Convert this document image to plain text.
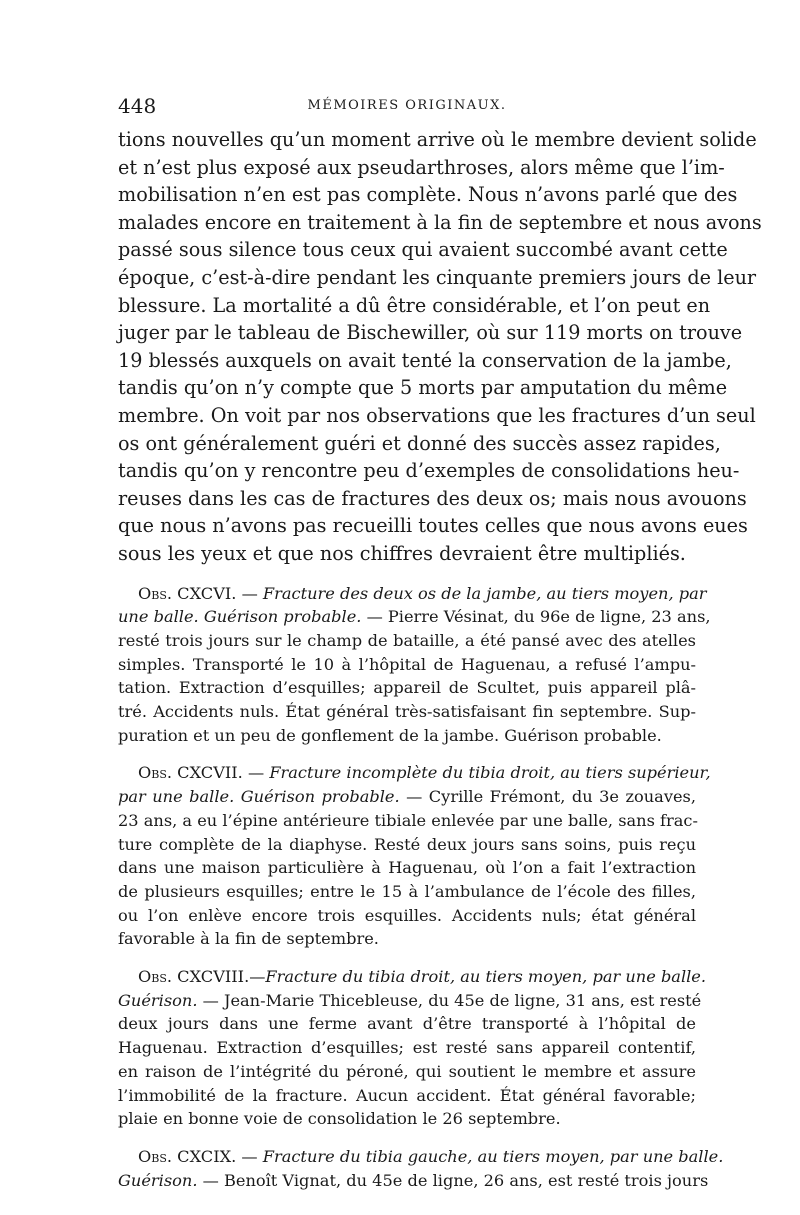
448	MÉMOIRES ORIGINAUX.
tions nouvelles qu’un moment arrive où le membre devient solide
et n’est plus exposé aux pseudarthroses, alors même que l’im-
mobilisation n’en est pas complète. Nous n’avons parlé que des
malades encore en traitement à la fin de septembre et nous avons
passé sous silence tous ceux qui avaient succombé avant cette
époque, c’est-à-dire pendant les cinquante premiers jours de leur
blessure. La mortalité a dû être considérable, et l’on peut en
juger par le tableau de Bischewiller, où sur 119 morts on trouve
19 blessés auxquels on avait tenté la conservation de la jambe,
tandis qu’on n’y compte que 5 morts par amputation du même
membre. On voit par nos observations que les fractures d’un seul
os ont généralement guéri et donné des succès assez rapides,
tandis qu’on y rencontre peu d’exemples de consolidations heu-
reuses dans les cas de fractures des deux os; mais nous avouons
que nous n’avons pas recueilli toutes celles que nous avons eues
sous les yeux et que nos chiffres devraient être multipliés.
Obs. CXCVI. — Fracture des deux os de la jambe, au tiers moyen, par
une balle. Guérison probable. — Pierre Vésinat, du 96e de ligne, 23 ans,
resté trois jours sur le champ de bataille, a été pansé avec des atelles
simples. Transporté le 10 à l’hôpital de Haguenau, a refusé l’ampu-
tation. Extraction d’esquilles; appareil de Scultet, puis appareil plâ-
tré. Accidents nuls. État général très-satisfaisant fin septembre. Sup-
puration et un peu de gonflement de la jambe. Guérison probable.
Obs. CXCVII. — Fracture incomplète du tibia droit, au tiers supérieur,
par une balle. Guérison probable. — Cyrille Frémont, du 3e zouaves,
23 ans, a eu l’épine antérieure tibiale enlevée par une balle, sans frac-
ture complète de la diaphyse. Resté deux jours sans soins, puis reçu
dans une maison particulière à Haguenau, où l’on a fait l’extraction
de plusieurs esquilles; entre le 15 à l’ambulance de l’école des filles,
ou l’on enlève encore trois esquilles. Accidents nuls; état général
favorable à la fin de septembre.
Obs. CXCVIII.—Fracture du tibia droit, au tiers moyen, par une balle.
Guérison. — Jean-Marie Thicebleuse, du 45e de ligne, 31 ans, est resté
deux jours dans une ferme avant d’être transporté à l’hôpital de
Haguenau. Extraction d’esquilles; est resté sans appareil contentif,
en raison de l’intégrité du péroné, qui soutient le membre et assure
l’immobilité de la fracture. Aucun accident. État général favorable;
plaie en bonne voie de consolidation le 26 septembre.
Obs. CXCIX. — Fracture du tibia gauche, au tiers moyen, par une balle.
Guérison. — Benoît Vignat, du 45e de ligne, 26 ans, est resté trois jours
